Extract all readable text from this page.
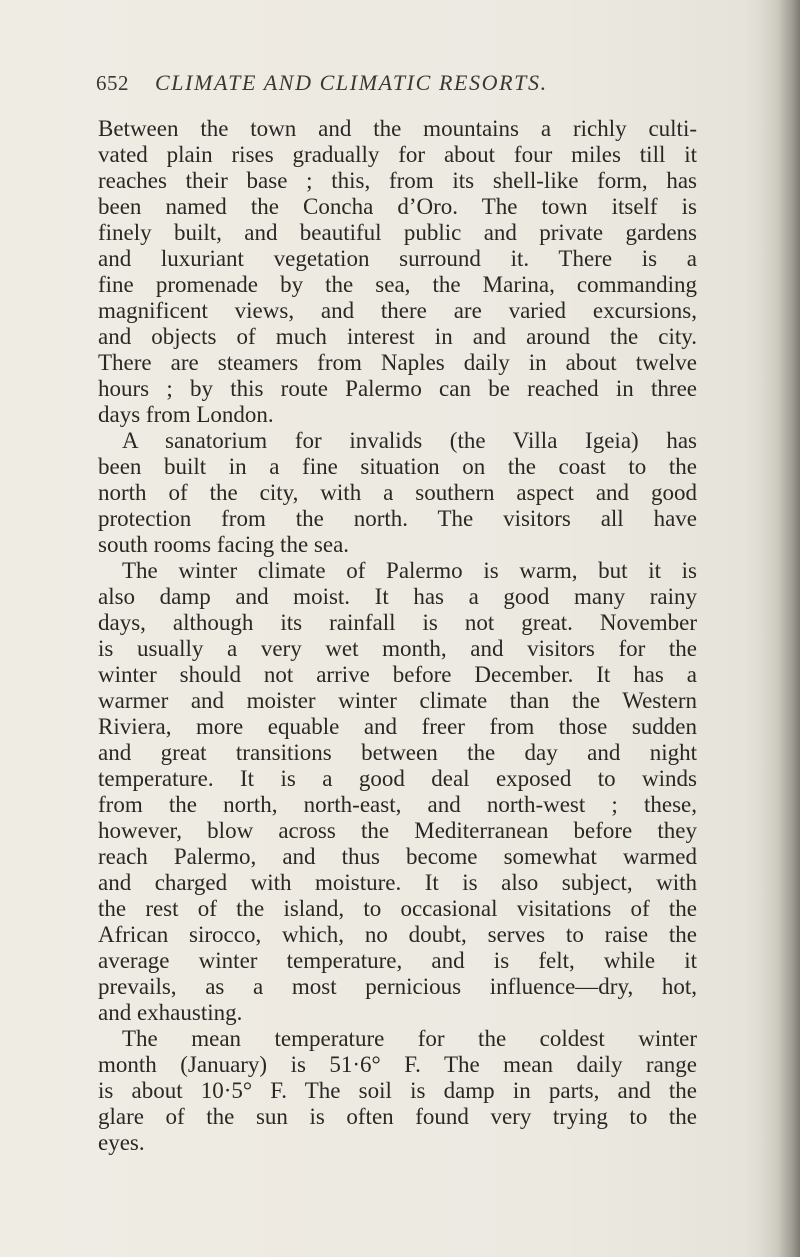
652 CLIMATE AND CLIMATIC RESORTS.
Between the town and the mountains a richly culti-
vated plain rises gradually for about four miles till it
reaches their base ; this, from its shell-like form, has
been named the Concha d’Oro. The town itself is
finely built, and beautiful public and private gardens
and luxuriant vegetation surround it. There is a
fine promenade by the sea, the Marina, commanding
magnificent views, and there are varied excursions,
and objects of much interest in and around the city.
There are steamers from Naples daily in about twelve
hours ; by this route Palermo can be reached in three
days from London.
A sanatorium for invalids (the Villa Igeia) has
been built in a fine situation on the coast to the
north of the city, with a southern aspect and good
protection from the north. The visitors all have
south rooms facing the sea.
The winter climate of Palermo is warm, but it is
also damp and moist. It has a good many rainy
days, although its rainfall is not great. November
is usually a very wet month, and visitors for the
winter should not arrive before December. It has a
warmer and moister winter climate than the Western
Riviera, more equable and freer from those sudden
and great transitions between the day and night
temperature. It is a good deal exposed to winds
from the north, north-east, and north-west ; these,
however, blow across the Mediterranean before they
reach Palermo, and thus become somewhat warmed
and charged with moisture. It is also subject, with
the rest of the island, to occasional visitations of the
African sirocco, which, no doubt, serves to raise the
average winter temperature, and is felt, while it
prevails, as a most pernicious influence—dry, hot,
and exhausting.
The mean temperature for the coldest winter
month (January) is 51·6° F. The mean daily range
is about 10·5° F. The soil is damp in parts, and the
glare of the sun is often found very trying to the
eyes.
